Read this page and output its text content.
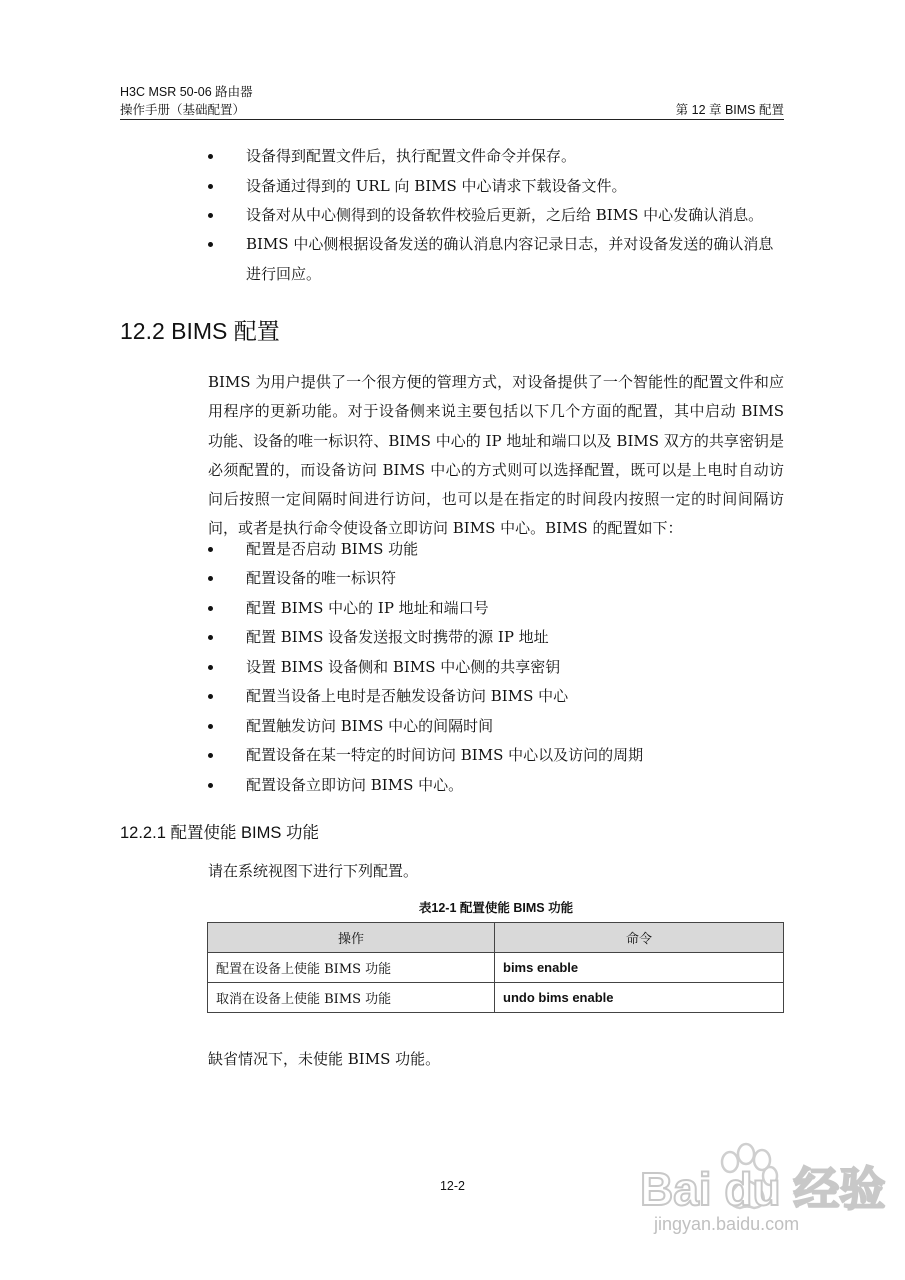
H3C MSR 50-06 路由器
操作手册（基础配置）	第 12 章 BIMS 配置
设备得到配置文件后，执行配置文件命令并保存。
设备通过得到的 URL 向 BIMS 中心请求下载设备文件。
设备对从中心侧得到的设备软件校验后更新，之后给 BIMS 中心发确认消息。
BIMS 中心侧根据设备发送的确认消息内容记录日志，并对设备发送的确认消息进行回应。
12.2 BIMS 配置
BIMS 为用户提供了一个很方便的管理方式，对设备提供了一个智能性的配置文件和应用程序的更新功能。对于设备侧来说主要包括以下几个方面的配置，其中启动 BIMS 功能、设备的唯一标识符、BIMS 中心的 IP 地址和端口以及 BIMS 双方的共享密钥是必须配置的，而设备访问 BIMS 中心的方式则可以选择配置，既可以是上电时自动访问后按照一定间隔时间进行访问，也可以是在指定的时间段内按照一定的时间间隔访问，或者是执行命令使设备立即访问 BIMS 中心。BIMS 的配置如下：
配置是否启动 BIMS 功能
配置设备的唯一标识符
配置 BIMS 中心的 IP 地址和端口号
配置 BIMS 设备发送报文时携带的源 IP 地址
设置 BIMS 设备侧和 BIMS 中心侧的共享密钥
配置当设备上电时是否触发设备访问 BIMS 中心
配置触发访问 BIMS 中心的间隔时间
配置设备在某一特定的时间访问 BIMS 中心以及访问的周期
配置设备立即访问 BIMS 中心。
12.2.1 配置使能 BIMS 功能
请在系统视图下进行下列配置。
表12-1 配置使能 BIMS 功能
操作	命令
配置在设备上使能 BIMS 功能	bims enable
取消在设备上使能 BIMS 功能	undo bims enable
缺省情况下，未使能 BIMS 功能。
12-2	Bai du 经验
jingyan.baidu.com
